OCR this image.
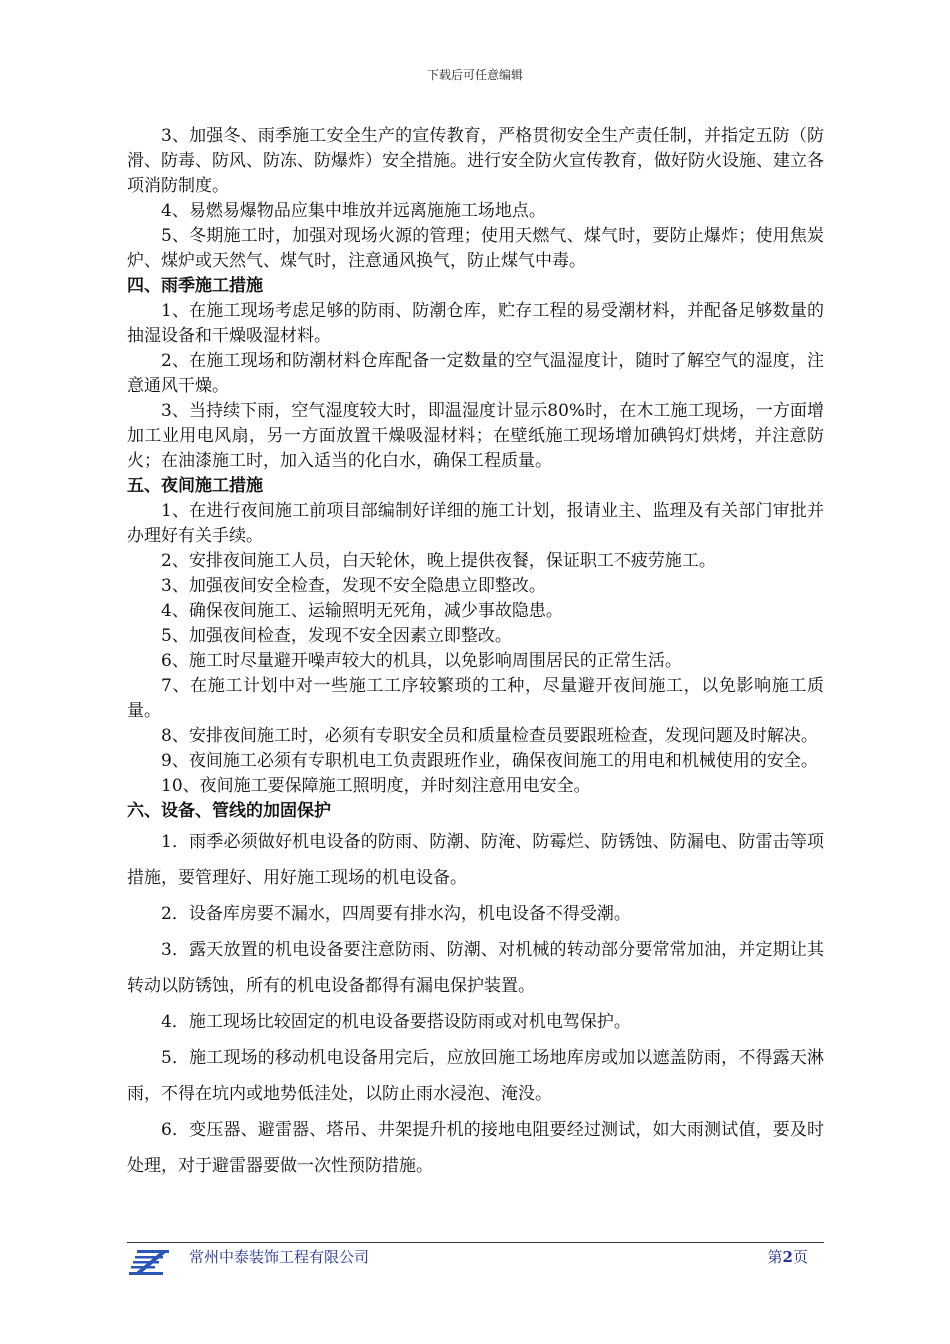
下载后可任意编辑

3、加强冬、雨季施工安全生产的宣传教育，严格贯彻安全生产责任制，并指定五防（防滑、防毒、防风、防冻、防爆炸）安全措施。进行安全防火宣传教育，做好防火设施、建立各项消防制度。

4、易燃易爆物品应集中堆放并远离施施工场地点。

5、冬期施工时，加强对现场火源的管理；使用天燃气、煤气时，要防止爆炸；使用焦炭炉、煤炉或天然气、煤气时，注意通风换气，防止煤气中毒。

四、雨季施工措施

1、在施工现场考虑足够的防雨、防潮仓库，贮存工程的易受潮材料，并配备足够数量的抽湿设备和干燥吸湿材料。

2、在施工现场和防潮材料仓库配备一定数量的空气温湿度计，随时了解空气的湿度，注意通风干燥。

3、当持续下雨，空气湿度较大时，即温湿度计显示80%时，在木工施工现场，一方面增加工业用电风扇，另一方面放置干燥吸湿材料；在壁纸施工现场增加碘钨灯烘烤，并注意防火；在油漆施工时，加入适当的化白水，确保工程质量。

五、夜间施工措施

1、在进行夜间施工前项目部编制好详细的施工计划，报请业主、监理及有关部门审批并办理好有关手续。

2、安排夜间施工人员，白天轮休，晚上提供夜餐，保证职工不疲劳施工。

3、加强夜间安全检查，发现不安全隐患立即整改。

4、确保夜间施工、运输照明无死角，减少事故隐患。

5、加强夜间检查，发现不安全因素立即整改。

6、施工时尽量避开噪声较大的机具，以免影响周围居民的正常生活。

7、在施工计划中对一些施工工序较繁琐的工种，尽量避开夜间施工，以免影响施工质量。

8、安排夜间施工时，必须有专职安全员和质量检查员要跟班检查，发现问题及时解决。

9、夜间施工必须有专职机电工负责跟班作业，确保夜间施工的用电和机械使用的安全。

10、夜间施工要保障施工照明度，并时刻注意用电安全。

六、设备、管线的加固保护

1．雨季必须做好机电设备的防雨、防潮、防淹、防霉烂、防锈蚀、防漏电、防雷击等项措施，要管理好、用好施工现场的机电设备。

2．设备库房要不漏水，四周要有排水沟，机电设备不得受潮。

3．露天放置的机电设备要注意防雨、防潮、对机械的转动部分要常常加油，并定期让其转动以防锈蚀，所有的机电设备都得有漏电保护装置。

4．施工现场比较固定的机电设备要搭设防雨或对机电驾保护。

5．施工现场的移动机电设备用完后，应放回施工场地库房或加以遮盖防雨，不得露天淋雨，不得在坑内或地势低洼处，以防止雨水浸泡、淹没。

6．变压器、避雷器、塔吊、井架提升机的接地电阻要经过测试，如大雨测试值，要及时处理，对于避雷器要做一次性预防措施。

常州中泰装饰工程有限公司	第2页
